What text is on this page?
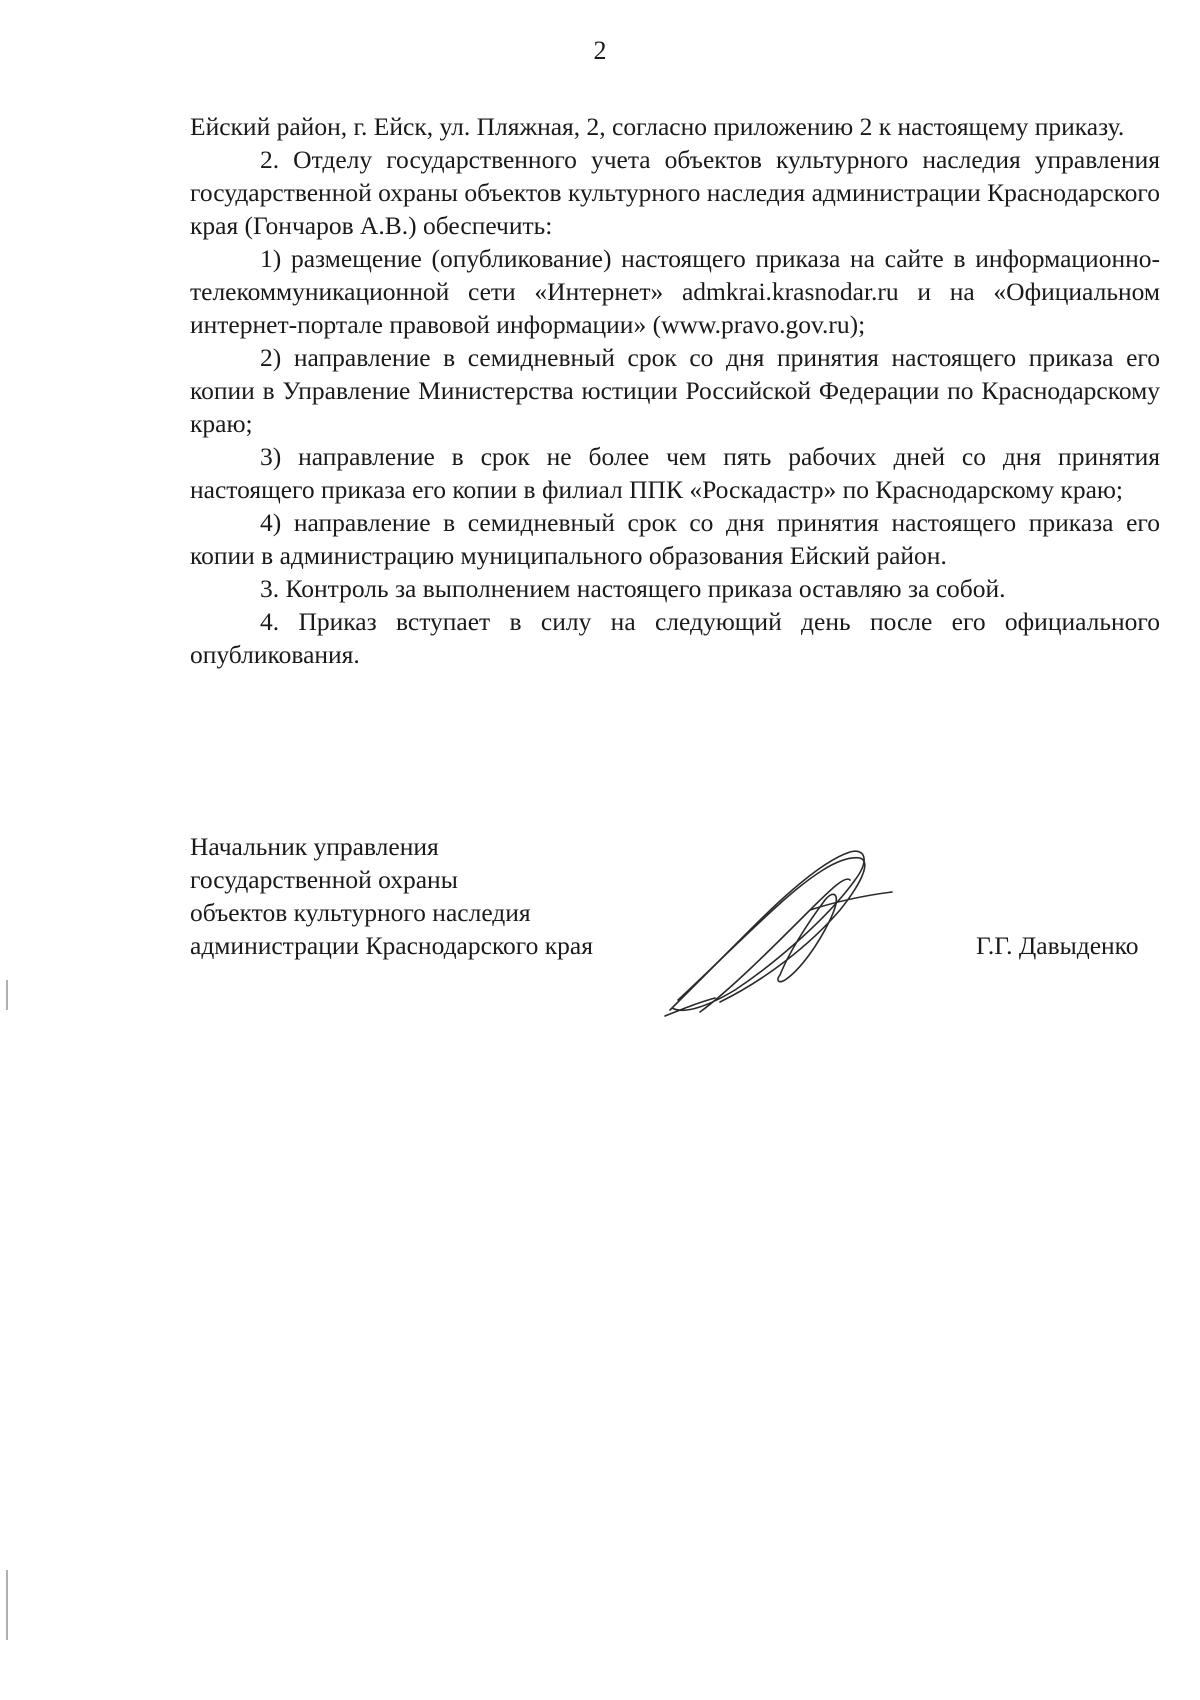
2

Ейский район, г. Ейск, ул. Пляжная, 2, согласно приложению 2 к настоящему приказу.

2. Отделу государственного учета объектов культурного наследия управления государственной охраны объектов культурного наследия администрации Краснодарского края (Гончаров А.В.) обеспечить:

1) размещение (опубликование) настоящего приказа на сайте в информационно-телекоммуникационной сети «Интернет» admkrai.krasnodar.ru и на «Официальном интернет-портале правовой информации» (www.pravo.gov.ru);

2) направление в семидневный срок со дня принятия настоящего приказа его копии в Управление Министерства юстиции Российской Федерации по Краснодарскому краю;

3) направление в срок не более чем пять рабочих дней со дня принятия настоящего приказа его копии в филиал ППК «Роскадастр» по Краснодарскому краю;

4) направление в семидневный срок со дня принятия настоящего приказа его копии в администрацию муниципального образования Ейский район.

3. Контроль за выполнением настоящего приказа оставляю за собой.

4. Приказ вступает в силу на следующий день после его официального опубликования.

Начальник управления
государственной охраны
объектов культурного наследия
администрации Краснодарского края	Г.Г. Давыденко
